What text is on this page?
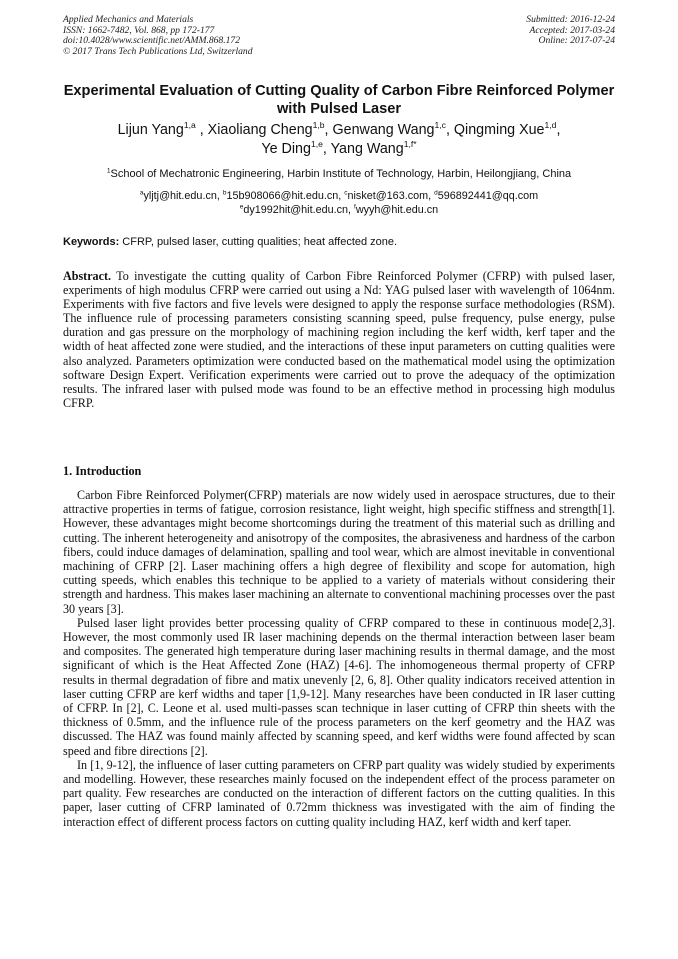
Applied Mechanics and Materials
ISSN: 1662-7482, Vol. 868, pp 172-177
doi:10.4028/www.scientific.net/AMM.868.172
© 2017 Trans Tech Publications Ltd, Switzerland
Submitted: 2016-12-24
Accepted: 2017-03-24
Online: 2017-07-24
Experimental Evaluation of Cutting Quality of Carbon Fibre Reinforced Polymer with Pulsed Laser
Lijun Yang$^{1,a}$ , Xiaoliang Cheng$^{1,b}$, Genwang Wang$^{1,c}$, Qingming Xue$^{1,d}$,
Ye Ding$^{1,e}$, Yang Wang$^{1,f*}$
$^1$School of Mechatronic Engineering, Harbin Institute of Technology, Harbin, Heilongjiang, China
$^a$yljtj@hit.edu.cn, $^b$15b908066@hit.edu.cn, $^c$nisket@163.com, $^d$596892441@qq.com
$^e$dy1992hit@hit.edu.cn, $^f$wyyh@hit.edu.cn
Keywords: CFRP, pulsed laser, cutting qualities; heat affected zone.

Abstract. To investigate the cutting quality of Carbon Fibre Reinforced Polymer (CFRP) with pulsed laser, experiments of high modulus CFRP were carried out using a Nd: YAG pulsed laser with wavelength of 1064nm. Experiments with five factors and five levels were designed to apply the response surface methodologies (RSM). The influence rule of processing parameters consisting scanning speed, pulse frequency, pulse energy, pulse duration and gas pressure on the morphology of machining region including the kerf width, kerf taper and the width of heat affected zone were studied, and the interactions of these input parameters on cutting qualities were also analyzed. Parameters optimization were conducted based on the mathematical model using the optimization software Design Expert. Verification experiments were carried out to prove the adequacy of the optimization results. The infrared laser with pulsed mode was found to be an effective method in processing high modulus CFRP.

1. Introduction

Carbon Fibre Reinforced Polymer(CFRP) materials are now widely used in aerospace structures, due to their attractive properties in terms of fatigue, corrosion resistance, light weight, high specific stiffness and strength[1]. However, these advantages might become shortcomings during the treatment of this material such as drilling and cutting. The inherent heterogeneity and anisotropy of the composites, the abrasiveness and hardness of the carbon fibers, could induce damages of delamination, spalling and tool wear, which are almost inevitable in conventional machining of CFRP [2]. Laser machining offers a high degree of flexibility and scope for automation, high cutting speeds, which enables this technique to be applied to a variety of materials without considering their strength and hardness. This makes laser machining an alternate to conventional machining processes over the past 30 years [3].

Pulsed laser light provides better processing quality of CFRP compared to these in continuous mode[2,3]. However, the most commonly used IR laser machining depends on the thermal interaction between laser beam and composites. The generated high temperature during laser machining results in thermal damage, and the most significant of which is the Heat Affected Zone (HAZ) [4-6]. The inhomogeneous thermal property of CFRP results in thermal degradation of fibre and matix unevenly [2, 6, 8]. Other quality indicators received attention in laser cutting CFRP are kerf widths and taper [1,9-12]. Many researches have been conducted in IR laser cutting of CFRP. In [2], C. Leone et al. used multi-passes scan technique in laser cutting of CFRP thin sheets with the thickness of 0.5mm, and the influence rule of the process parameters on the kerf geometry and the HAZ was discussed. The HAZ was found mainly affected by scanning speed, and kerf widths were found affected by scan speed and fibre directions [2].

In [1, 9-12], the influence of laser cutting parameters on CFRP part quality was widely studied by experiments and modelling. However, these researches mainly focused on the independent effect of the process parameter on part quality. Few researches are conducted on the interaction of different factors on the cutting qualities. In this paper, laser cutting of CFRP laminated of 0.72mm thickness was investigated with the aim of finding the interaction effect of different process factors on cutting quality including HAZ, kerf width and kerf taper.
